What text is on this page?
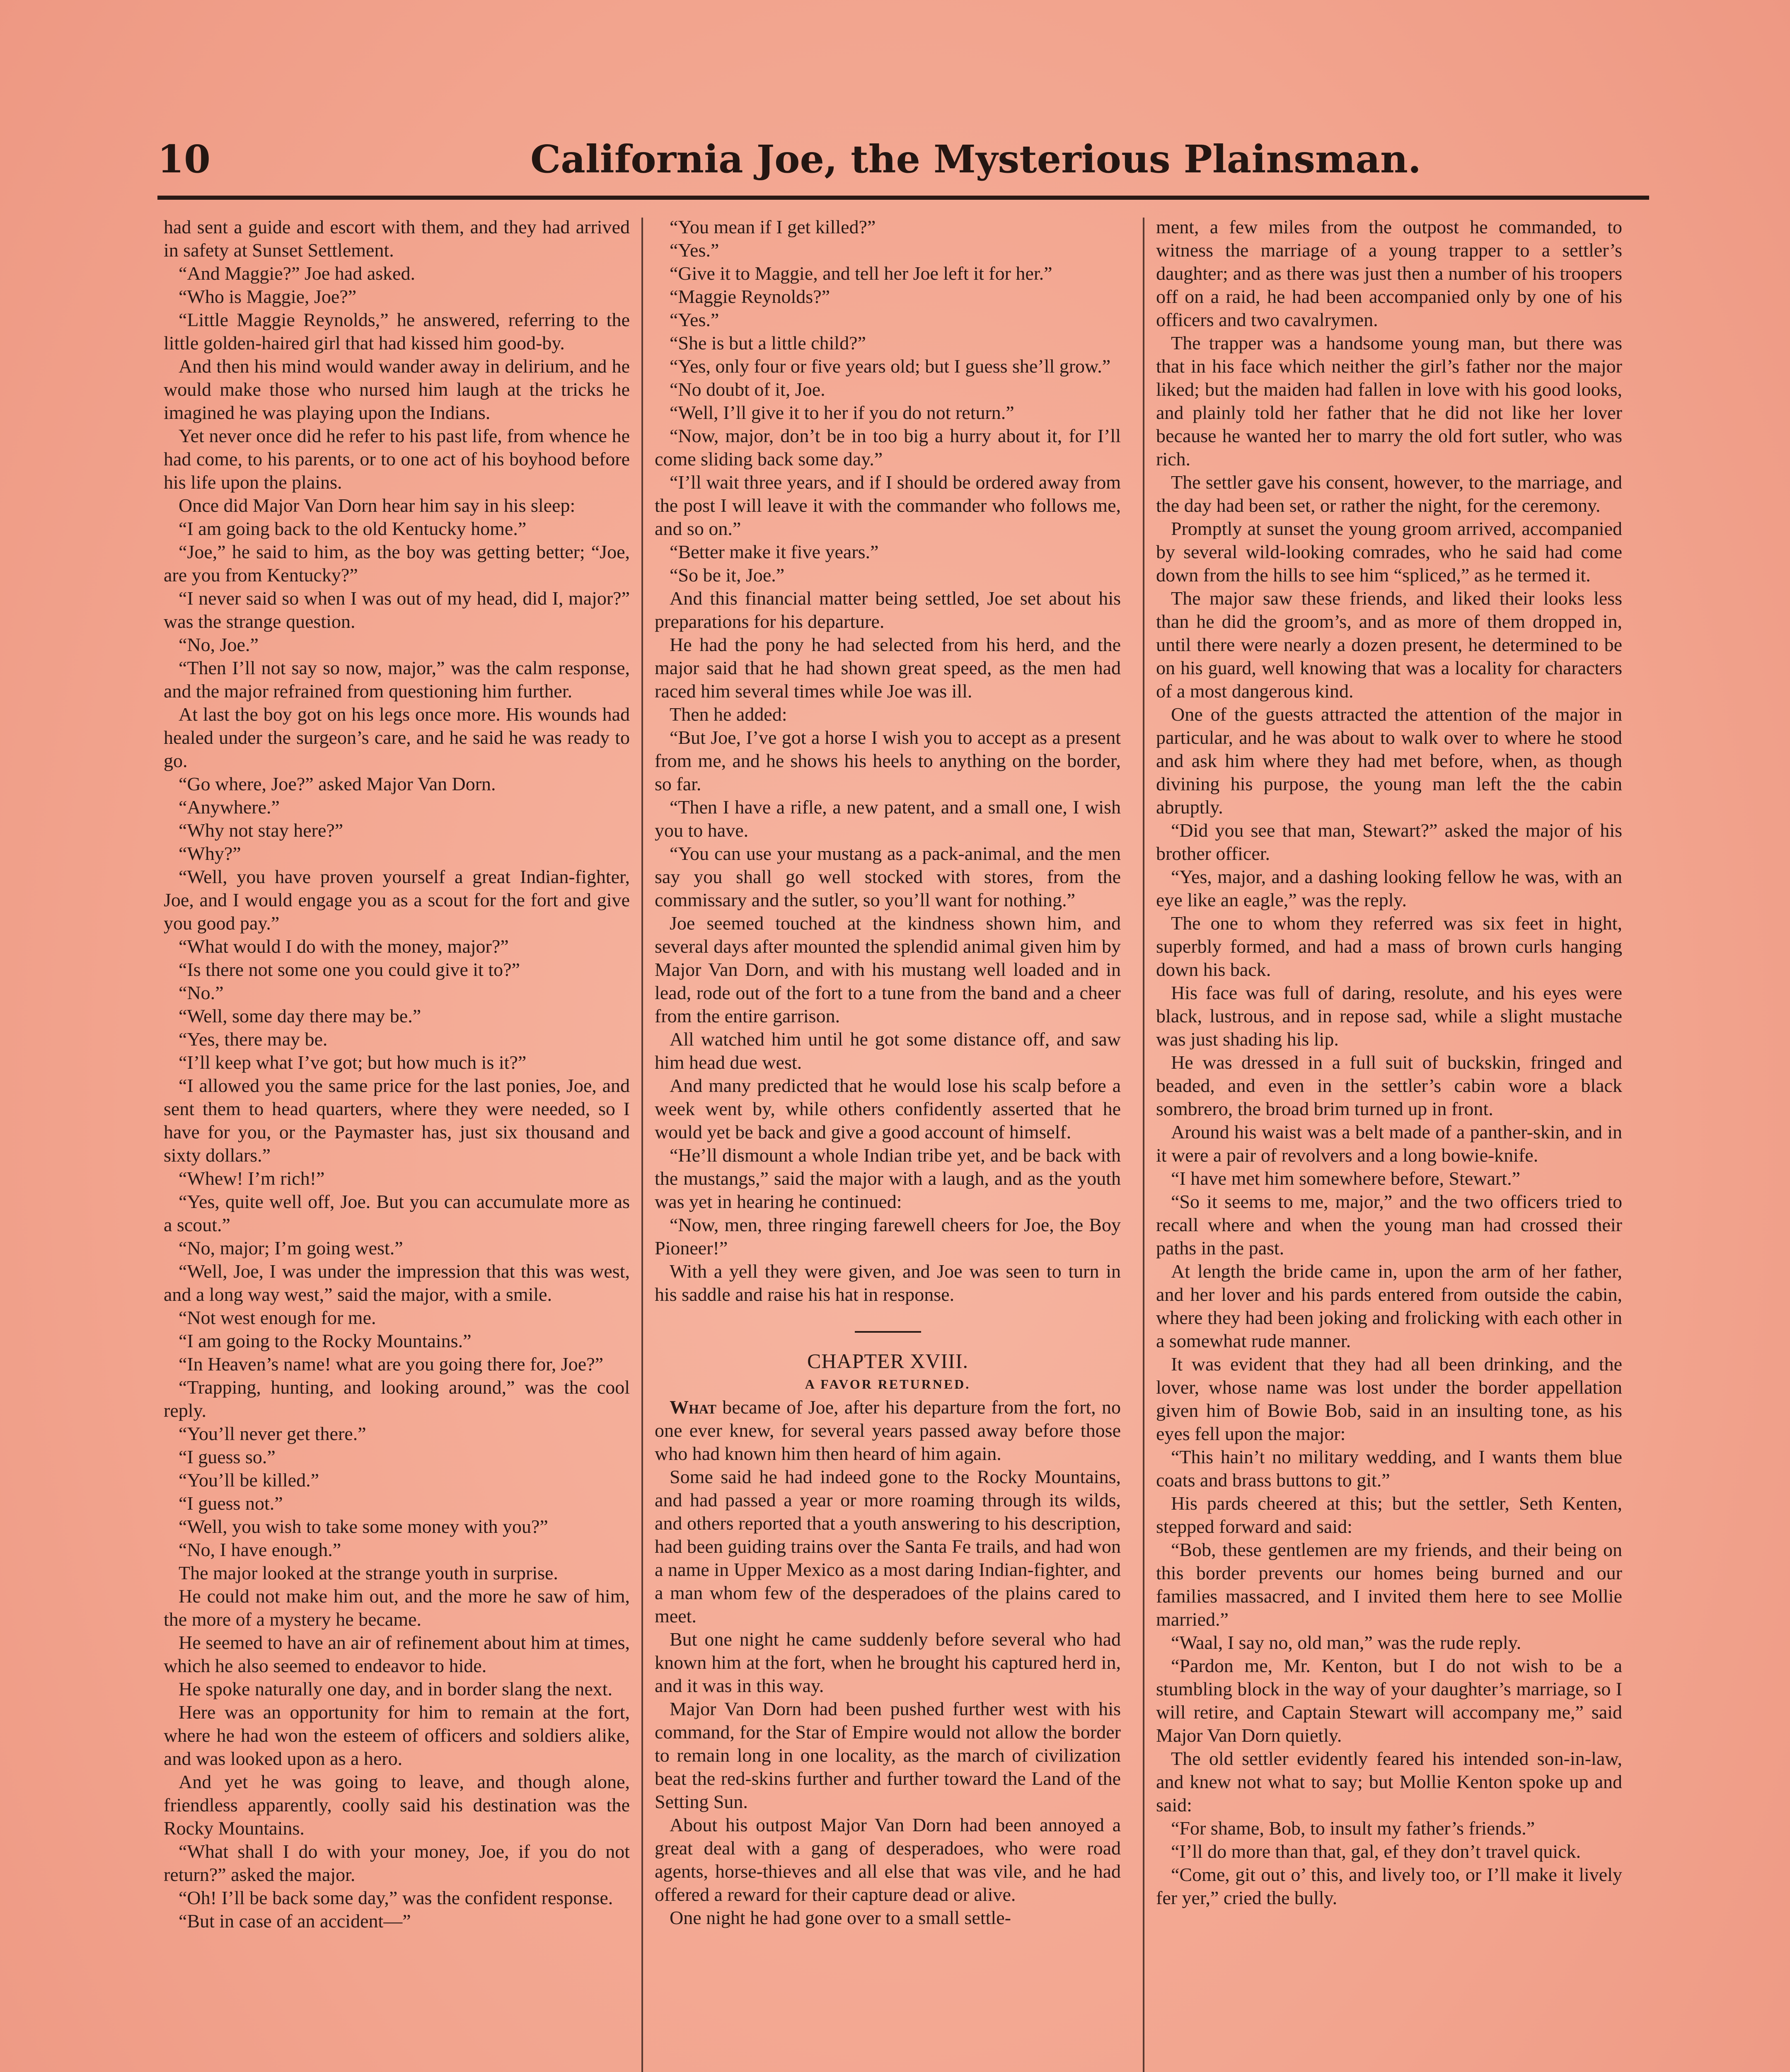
10	California Joe, the Mysterious Plainsman.

had sent a guide and escort with them, and they had arrived in safety at Sunset Settlement.

“And Maggie?” Joe had asked.

“Who is Maggie, Joe?”

“Little Maggie Reynolds,” he answered, referring to the little golden-haired girl that had kissed him good-by.

And then his mind would wander away in delirium, and he would make those who nursed him laugh at the tricks he imagined he was playing upon the Indians.

Yet never once did he refer to his past life, from whence he had come, to his parents, or to one act of his boyhood before his life upon the plains.

Once did Major Van Dorn hear him say in his sleep:

“I am going back to the old Kentucky home.”

“Joe,” he said to him, as the boy was getting better; “Joe, are you from Kentucky?”

“I never said so when I was out of my head, did I, major?” was the strange question.

“No, Joe.”

“Then I’ll not say so now, major,” was the calm response, and the major refrained from questioning him further.

At last the boy got on his legs once more. His wounds had healed under the surgeon’s care, and he said he was ready to go.

“Go where, Joe?” asked Major Van Dorn.

“Anywhere.”

“Why not stay here?”

“Why?”

“Well, you have proven yourself a great Indian-fighter, Joe, and I would engage you as a scout for the fort and give you good pay.”

“What would I do with the money, major?”

“Is there not some one you could give it to?”

“No.”

“Well, some day there may be.”

“Yes, there may be.

“I’ll keep what I’ve got; but how much is it?”

“I allowed you the same price for the last ponies, Joe, and sent them to head quarters, where they were needed, so I have for you, or the Paymaster has, just six thousand and sixty dollars.”

“Whew! I’m rich!”

“Yes, quite well off, Joe. But you can accumulate more as a scout.”

“No, major; I’m going west.”

“Well, Joe, I was under the impression that this was west, and a long way west,” said the major, with a smile.

“Not west enough for me.

“I am going to the Rocky Mountains.”

“In Heaven’s name! what are you going there for, Joe?”

“Trapping, hunting, and looking around,” was the cool reply.

“You’ll never get there.”

“I guess so.”

“You’ll be killed.”

“I guess not.”

“Well, you wish to take some money with you?”

“No, I have enough.”

The major looked at the strange youth in surprise.

He could not make him out, and the more he saw of him, the more of a mystery he became.

He seemed to have an air of refinement about him at times, which he also seemed to endeavor to hide.

He spoke naturally one day, and in border slang the next.

Here was an opportunity for him to remain at the fort, where he had won the esteem of officers and soldiers alike, and was looked upon as a hero.

And yet he was going to leave, and though alone, friendless apparently, coolly said his destination was the Rocky Mountains.

“What shall I do with your money, Joe, if you do not return?” asked the major.

“Oh! I’ll be back some day,” was the confident response.

“But in case of an accident—”

“You mean if I get killed?”

“Yes.”

“Give it to Maggie, and tell her Joe left it for her.”

“Maggie Reynolds?”

“Yes.”

“She is but a little child?”

“Yes, only four or five years old; but I guess she’ll grow.”

“No doubt of it, Joe.

“Well, I’ll give it to her if you do not return.”

“Now, major, don’t be in too big a hurry about it, for I’ll come sliding back some day.”

“I’ll wait three years, and if I should be ordered away from the post I will leave it with the commander who follows me, and so on.”

“Better make it five years.”

“So be it, Joe.”

And this financial matter being settled, Joe set about his preparations for his departure.

He had the pony he had selected from his herd, and the major said that he had shown great speed, as the men had raced him several times while Joe was ill.

Then he added:

“But Joe, I’ve got a horse I wish you to accept as a present from me, and he shows his heels to anything on the border, so far.

“Then I have a rifle, a new patent, and a small one, I wish you to have.

“You can use your mustang as a pack-animal, and the men say you shall go well stocked with stores, from the commissary and the sutler, so you’ll want for nothing.”

Joe seemed touched at the kindness shown him, and several days after mounted the splendid animal given him by Major Van Dorn, and with his mustang well loaded and in lead, rode out of the fort to a tune from the band and a cheer from the entire garrison.

All watched him until he got some distance off, and saw him head due west.

And many predicted that he would lose his scalp before a week went by, while others confidently asserted that he would yet be back and give a good account of himself.

“He’ll dismount a whole Indian tribe yet, and be back with the mustangs,” said the major with a laugh, and as the youth was yet in hearing he continued:

“Now, men, three ringing farewell cheers for Joe, the Boy Pioneer!”

With a yell they were given, and Joe was seen to turn in his saddle and raise his hat in response.

CHAPTER XVIII.

A FAVOR RETURNED.

What became of Joe, after his departure from the fort, no one ever knew, for several years passed away before those who had known him then heard of him again.

Some said he had indeed gone to the Rocky Mountains, and had passed a year or more roaming through its wilds, and others reported that a youth answering to his description, had been guiding trains over the Santa Fe trails, and had won a name in Upper Mexico as a most daring Indian-fighter, and a man whom few of the desperadoes of the plains cared to meet.

But one night he came suddenly before several who had known him at the fort, when he brought his captured herd in, and it was in this way.

Major Van Dorn had been pushed further west with his command, for the Star of Empire would not allow the border to remain long in one locality, as the march of civilization beat the red-skins further and further toward the Land of the Setting Sun.

About his outpost Major Van Dorn had been annoyed a great deal with a gang of desperadoes, who were road agents, horse-thieves and all else that was vile, and he had offered a reward for their capture dead or alive.

One night he had gone over to a small settle-

ment, a few miles from the outpost he commanded, to witness the marriage of a young trapper to a settler’s daughter; and as there was just then a number of his troopers off on a raid, he had been accompanied only by one of his officers and two cavalrymen.

The trapper was a handsome young man, but there was that in his face which neither the girl’s father nor the major liked; but the maiden had fallen in love with his good looks, and plainly told her father that he did not like her lover because he wanted her to marry the old fort sutler, who was rich.

The settler gave his consent, however, to the marriage, and the day had been set, or rather the night, for the ceremony.

Promptly at sunset the young groom arrived, accompanied by several wild-looking comrades, who he said had come down from the hills to see him “spliced,” as he termed it.

The major saw these friends, and liked their looks less than he did the groom’s, and as more of them dropped in, until there were nearly a dozen present, he determined to be on his guard, well knowing that was a locality for characters of a most dangerous kind.

One of the guests attracted the attention of the major in particular, and he was about to walk over to where he stood and ask him where they had met before, when, as though divining his purpose, the young man left the the cabin abruptly.

“Did you see that man, Stewart?” asked the major of his brother officer.

“Yes, major, and a dashing looking fellow he was, with an eye like an eagle,” was the reply.

The one to whom they referred was six feet in hight, superbly formed, and had a mass of brown curls hanging down his back.

His face was full of daring, resolute, and his eyes were black, lustrous, and in repose sad, while a slight mustache was just shading his lip.

He was dressed in a full suit of buckskin, fringed and beaded, and even in the settler’s cabin wore a black sombrero, the broad brim turned up in front.

Around his waist was a belt made of a panther-skin, and in it were a pair of revolvers and a long bowie-knife.

“I have met him somewhere before, Stewart.”

“So it seems to me, major,” and the two officers tried to recall where and when the young man had crossed their paths in the past.

At length the bride came in, upon the arm of her father, and her lover and his pards entered from outside the cabin, where they had been joking and frolicking with each other in a somewhat rude manner.

It was evident that they had all been drinking, and the lover, whose name was lost under the border appellation given him of Bowie Bob, said in an insulting tone, as his eyes fell upon the major:

“This hain’t no military wedding, and I wants them blue coats and brass buttons to git.”

His pards cheered at this; but the settler, Seth Kenten, stepped forward and said:

“Bob, these gentlemen are my friends, and their being on this border prevents our homes being burned and our families massacred, and I invited them here to see Mollie married.”

“Waal, I say no, old man,” was the rude reply.

“Pardon me, Mr. Kenton, but I do not wish to be a stumbling block in the way of your daughter’s marriage, so I will retire, and Captain Stewart will accompany me,” said Major Van Dorn quietly.

The old settler evidently feared his intended son-in-law, and knew not what to say; but Mollie Kenton spoke up and said:

“For shame, Bob, to insult my father’s friends.”

“I’ll do more than that, gal, ef they don’t travel quick.

“Come, git out o’ this, and lively too, or I’ll make it lively fer yer,” cried the bully.
